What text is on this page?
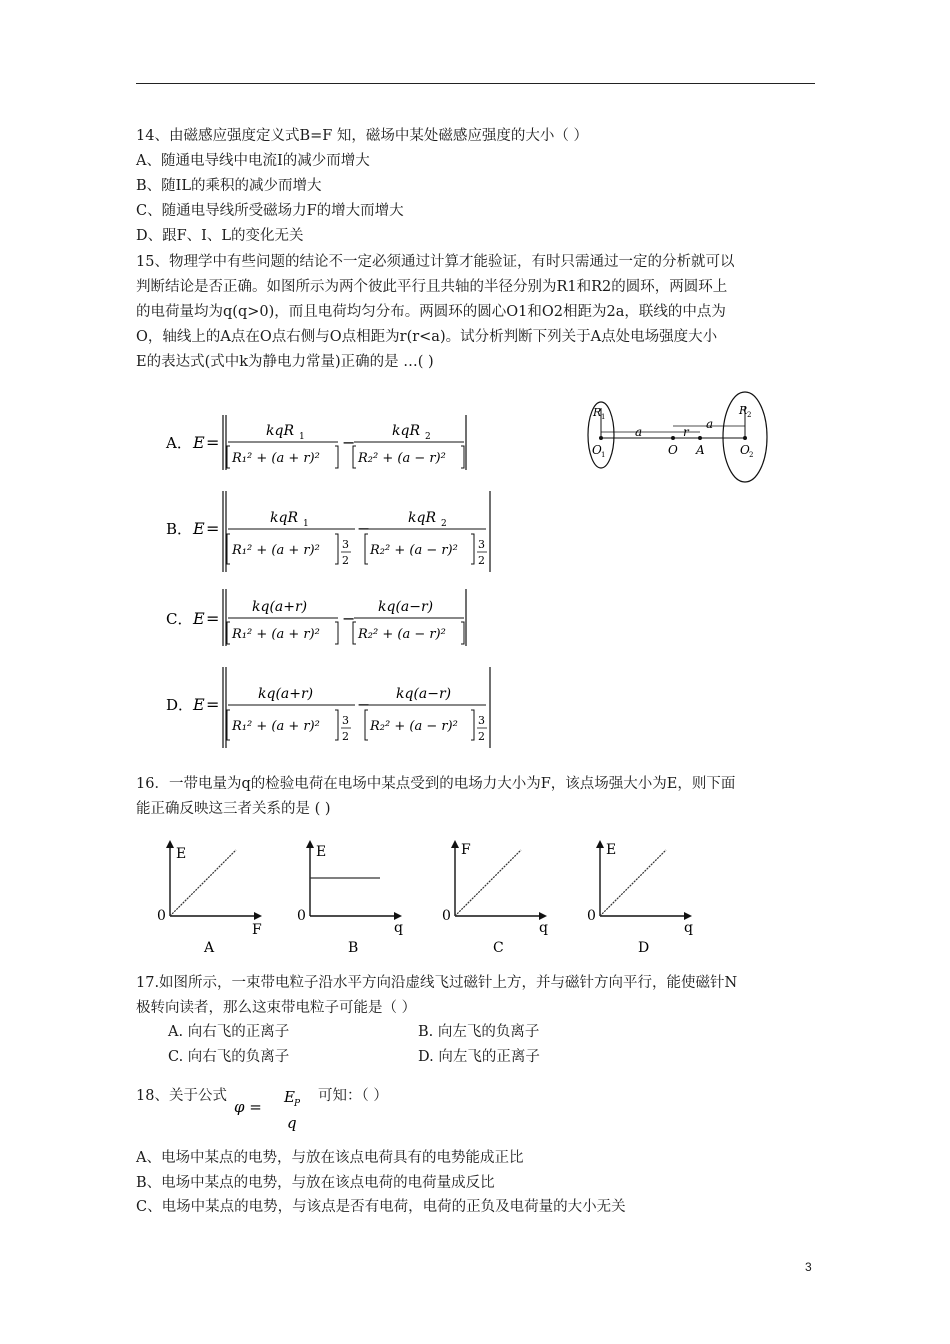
14、由磁感应强度定义式B=F 知，磁场中某处磁感应强度的大小（ ）
A、随通电导线中电流I的减少而增大
B、随IL的乘积的减少而增大
C、随通电导线所受磁场力F的增大而增大
D、跟F、I、L的变化无关
15、物理学中有些问题的结论不一定必须通过计算才能验证，有时只需通过一定的分析就可以
判断结论是否正确。如图所示为两个彼此平行且共轴的半径分别为R1和R2的圆环，两圆环上
的电荷量均为q(q>0)，而且电荷均匀分布。两圆环的圆心O1和O2相距为2a，联线的中点为
O，轴线上的A点在O点右侧与O点相距为r(r<a)。试分析判断下列关于A点处电场强度大小
E的表达式(式中k为静电力常量)正确的是 …( )
A． E =
kqR 1
R₁² + (a + r)²
−
kqR 2
R₂² + (a − r)²
R 1	R 2
a
a
r
O 1	O A	O 2
B． E =
kqR 1
R₁² + (a + r)² 3
2
−
kqR 2
R₂² + (a − r)² 3
2
C． E =
kq(a+r)
R₁² + (a + r)²
−
kq(a−r)
R₂² + (a − r)²
D． E =
kq(a+r)
R₁² + (a + r)² 3
2
−
kq(a−r)
R₂² + (a − r)² 3
2
16．一带电量为q的检验电荷在电场中某点受到的电场力大小为F，该点场强大小为E，则下面
能正确反映这三者关系的是 ( )
E
F
0
A
E
q
0
B
F
q
0
C
E
q
0
D
17.如图所示，一束带电粒子沿水平方向沿虚线飞过磁针上方，并与磁针方向平行，能使磁针N
极转向读者，那么这束带电粒子可能是（ ）
A. 向右飞的正离子	B. 向左飞的负离子
C. 向右飞的负离子	D. 向左飞的正离子
18、关于公式
φ =
E P
q
可知：（ ）
A、电场中某点的电势，与放在该点电荷具有的电势能成正比
B、电场中某点的电势，与放在该点电荷的电荷量成反比
C、电场中某点的电势，与该点是否有电荷，电荷的正负及电荷量的大小无关
3
